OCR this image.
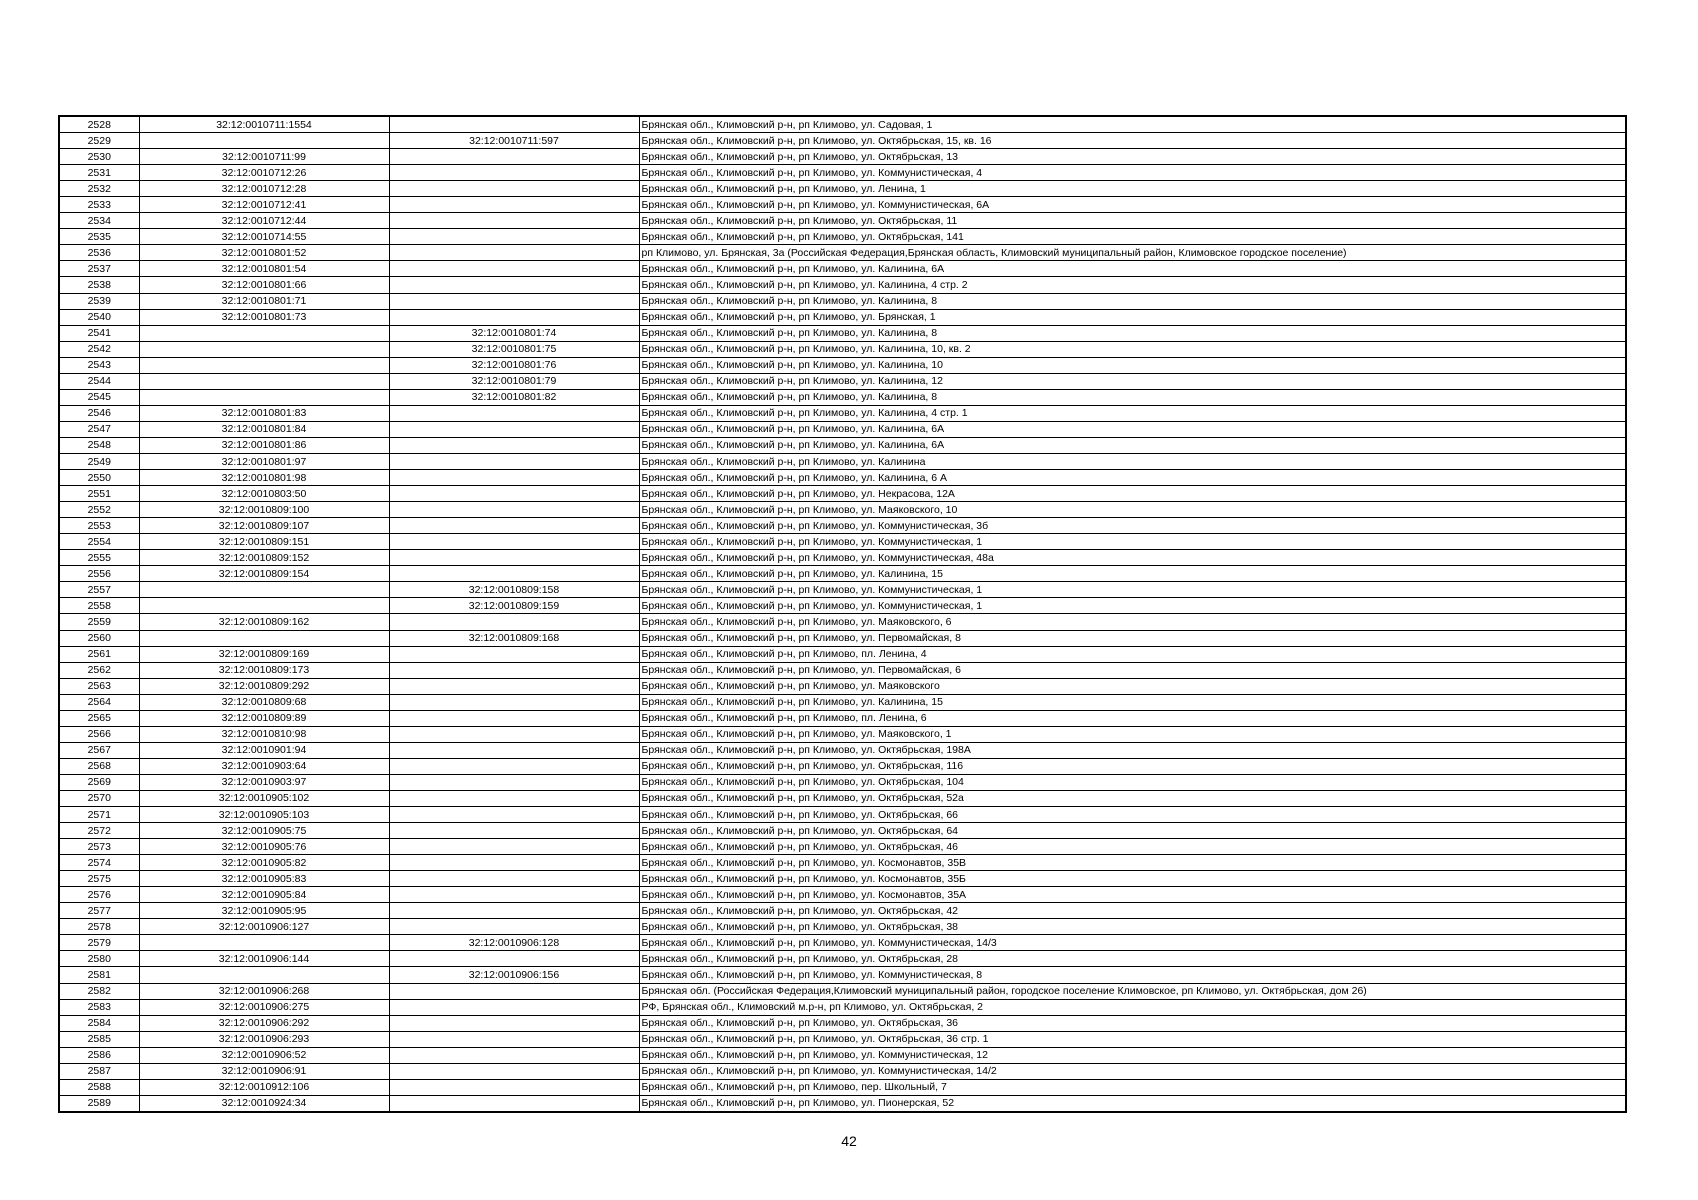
2528	32:12:0010711:1554		Брянская обл., Климовский р-н, рп Климово, ул. Садовая, 1
2529		32:12:0010711:597	Брянская обл., Климовский р-н, рп Климово, ул. Октябрьская, 15, кв. 16
2530	32:12:0010711:99		Брянская обл., Климовский р-н, рп Климово, ул. Октябрьская, 13
2531	32:12:0010712:26		Брянская обл., Климовский р-н, рп Климово, ул. Коммунистическая, 4
2532	32:12:0010712:28		Брянская обл., Климовский р-н, рп Климово, ул. Ленина, 1
2533	32:12:0010712:41		Брянская обл., Климовский р-н, рп Климово, ул. Коммунистическая, 6А
2534	32:12:0010712:44		Брянская обл., Климовский р-н, рп Климово, ул. Октябрьская, 11
2535	32:12:0010714:55		Брянская обл., Климовский р-н, рп Климово, ул. Октябрьская, 141
2536	32:12:0010801:52		рп Климово, ул. Брянская, 3а (Российская Федерация,Брянская область, Климовский муниципальный район, Климовское городское поселение)
2537	32:12:0010801:54		Брянская обл., Климовский р-н, рп Климово, ул. Калинина, 6А
2538	32:12:0010801:66		Брянская обл., Климовский р-н, рп Климово, ул. Калинина, 4 стр. 2
2539	32:12:0010801:71		Брянская обл., Климовский р-н, рп Климово, ул. Калинина, 8
2540	32:12:0010801:73		Брянская обл., Климовский р-н, рп Климово, ул. Брянская, 1
2541		32:12:0010801:74	Брянская обл., Климовский р-н, рп Климово, ул. Калинина, 8
2542		32:12:0010801:75	Брянская обл., Климовский р-н, рп Климово, ул. Калинина, 10, кв. 2
2543		32:12:0010801:76	Брянская обл., Климовский р-н, рп Климово, ул. Калинина, 10
2544		32:12:0010801:79	Брянская обл., Климовский р-н, рп Климово, ул. Калинина, 12
2545		32:12:0010801:82	Брянская обл., Климовский р-н, рп Климово, ул. Калинина, 8
2546	32:12:0010801:83		Брянская обл., Климовский р-н, рп Климово, ул. Калинина, 4 стр. 1
2547	32:12:0010801:84		Брянская обл., Климовский р-н, рп Климово, ул. Калинина, 6А
2548	32:12:0010801:86		Брянская обл., Климовский р-н, рп Климово, ул. Калинина, 6А
2549	32:12:0010801:97		Брянская обл., Климовский р-н, рп Климово, ул. Калинина
2550	32:12:0010801:98		Брянская обл., Климовский р-н, рп Климово, ул. Калинина, 6 А
2551	32:12:0010803:50		Брянская обл., Климовский р-н, рп Климово, ул. Некрасова, 12А
2552	32:12:0010809:100		Брянская обл., Климовский р-н, рп Климово, ул. Маяковского, 10
2553	32:12:0010809:107		Брянская обл., Климовский р-н, рп Климово, ул. Коммунистическая, 3б
2554	32:12:0010809:151		Брянская обл., Климовский р-н, рп Климово, ул. Коммунистическая, 1
2555	32:12:0010809:152		Брянская обл., Климовский р-н, рп Климово, ул. Коммунистическая, 48а
2556	32:12:0010809:154		Брянская обл., Климовский р-н, рп Климово, ул. Калинина, 15
2557		32:12:0010809:158	Брянская обл., Климовский р-н, рп Климово, ул. Коммунистическая, 1
2558		32:12:0010809:159	Брянская обл., Климовский р-н, рп Климово, ул. Коммунистическая, 1
2559	32:12:0010809:162		Брянская обл., Климовский р-н, рп Климово, ул. Маяковского, 6
2560		32:12:0010809:168	Брянская обл., Климовский р-н, рп Климово, ул. Первомайская, 8
2561	32:12:0010809:169		Брянская обл., Климовский р-н, рп Климово, пл. Ленина, 4
2562	32:12:0010809:173		Брянская обл., Климовский р-н, рп Климово, ул. Первомайская, 6
2563	32:12:0010809:292		Брянская обл., Климовский р-н, рп Климово, ул. Маяковского
2564	32:12:0010809:68		Брянская обл., Климовский р-н, рп Климово, ул. Калинина, 15
2565	32:12:0010809:89		Брянская обл., Климовский р-н, рп Климово, пл. Ленина, 6
2566	32:12:0010810:98		Брянская обл., Климовский р-н, рп Климово, ул. Маяковского, 1
2567	32:12:0010901:94		Брянская обл., Климовский р-н, рп Климово, ул. Октябрьская, 198А
2568	32:12:0010903:64		Брянская обл., Климовский р-н, рп Климово, ул. Октябрьская, 116
2569	32:12:0010903:97		Брянская обл., Климовский р-н, рп Климово, ул. Октябрьская, 104
2570	32:12:0010905:102		Брянская обл., Климовский р-н, рп Климово, ул. Октябрьская, 52а
2571	32:12:0010905:103		Брянская обл., Климовский р-н, рп Климово, ул. Октябрьская, 66
2572	32:12:0010905:75		Брянская обл., Климовский р-н, рп Климово, ул. Октябрьская, 64
2573	32:12:0010905:76		Брянская обл., Климовский р-н, рп Климово, ул. Октябрьская, 46
2574	32:12:0010905:82		Брянская обл., Климовский р-н, рп Климово, ул. Космонавтов, 35В
2575	32:12:0010905:83		Брянская обл., Климовский р-н, рп Климово, ул. Космонавтов, 35Б
2576	32:12:0010905:84		Брянская обл., Климовский р-н, рп Климово, ул. Космонавтов, 35А
2577	32:12:0010905:95		Брянская обл., Климовский р-н, рп Климово, ул. Октябрьская, 42
2578	32:12:0010906:127		Брянская обл., Климовский р-н, рп Климово, ул. Октябрьская, 38
2579		32:12:0010906:128	Брянская обл., Климовский р-н, рп Климово, ул. Коммунистическая, 14/3
2580	32:12:0010906:144		Брянская обл., Климовский р-н, рп Климово, ул. Октябрьская, 28
2581		32:12:0010906:156	Брянская обл., Климовский р-н, рп Климово, ул. Коммунистическая, 8
2582	32:12:0010906:268		Брянская обл. (Российская Федерация,Климовский муниципальный район, городское поселение Климовское, рп Климово, ул. Октябрьская, дом 26)
2583	32:12:0010906:275		РФ, Брянская обл., Климовский м.р-н, рп Климово, ул. Октябрьская, 2
2584	32:12:0010906:292		Брянская обл., Климовский р-н, рп Климово, ул. Октябрьская, 36
2585	32:12:0010906:293		Брянская обл., Климовский р-н, рп Климово, ул. Октябрьская, 36 стр. 1
2586	32:12:0010906:52		Брянская обл., Климовский р-н, рп Климово, ул. Коммунистическая, 12
2587	32:12:0010906:91		Брянская обл., Климовский р-н, рп Климово, ул. Коммунистическая, 14/2
2588	32:12:0010912:106		Брянская обл., Климовский р-н, рп Климово, пер. Школьный, 7
2589	32:12:0010924:34		Брянская обл., Климовский р-н, рп Климово, ул. Пионерская, 52
42
